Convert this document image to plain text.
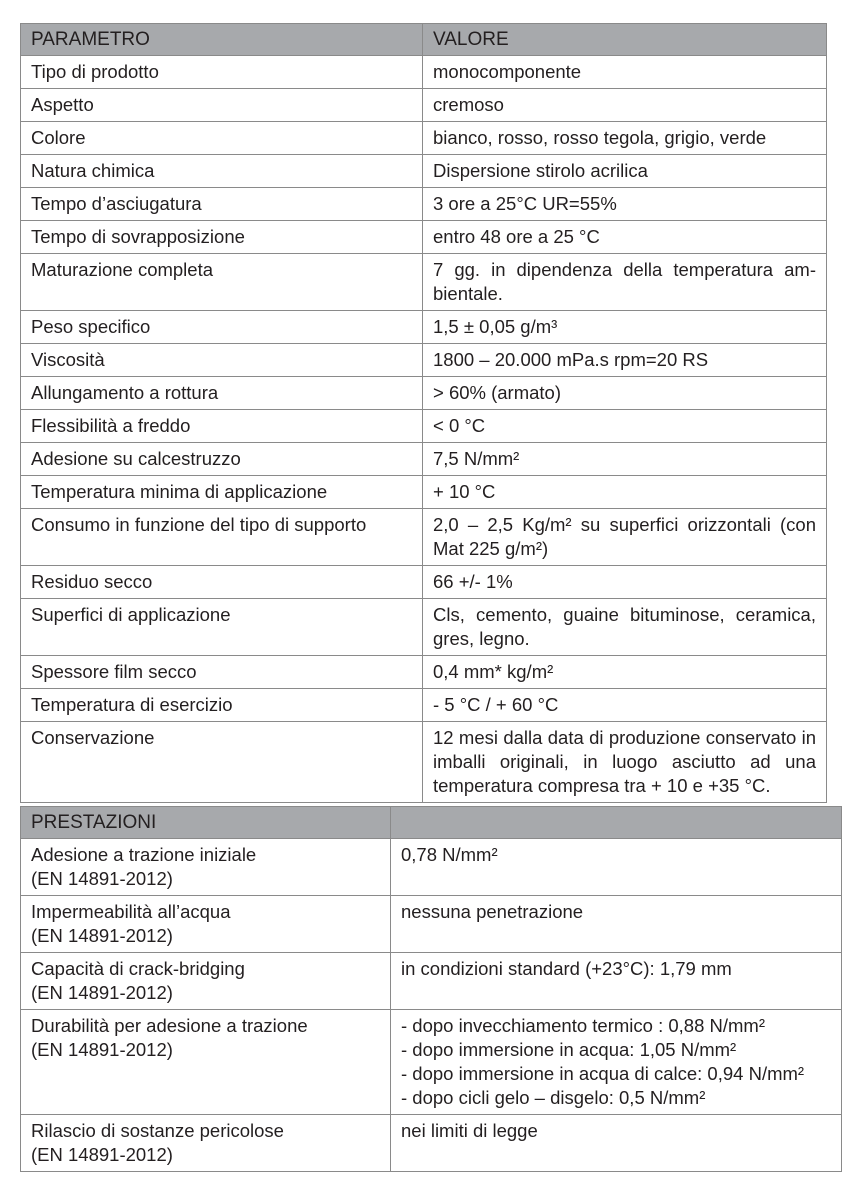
PARAMETRO	VALORE
Tipo di prodotto	monocomponente
Aspetto	cremoso
Colore	bianco, rosso, rosso tegola, grigio, verde
Natura chimica	Dispersione stirolo acrilica
Tempo d’asciugatura	3 ore a 25°C UR=55%
Tempo di sovrapposizione	entro 48 ore a 25 °C
Maturazione completa	7 gg. in dipendenza della temperatura am-bientale.
Peso specifico	1,5 ± 0,05 g/m³
Viscosità	1800 – 20.000 mPa.s rpm=20 RS
Allungamento a rottura	> 60% (armato)
Flessibilità a freddo	< 0 °C
Adesione su calcestruzzo	7,5 N/mm²
Temperatura minima di applicazione	+ 10 °C
Consumo in funzione del tipo di supporto	2,0 – 2,5 Kg/m² su superfici orizzontali (con Mat 225 g/m²)
Residuo secco	66 +/- 1%
Superfici di applicazione	Cls, cemento, guaine bituminose, ceramica, gres, legno.
Spessore film secco	0,4 mm* kg/m²
Temperatura di esercizio	- 5 °C / + 60 °C
Conservazione	12 mesi dalla data di produzione conservato in imballi originali, in luogo asciutto ad una temperatura compresa tra + 10 e +35 °C.
PRESTAZIONI	

Adesione a trazione iniziale
(EN 14891-2012)	0,78 N/mm²

Impermeabilità all’acqua
(EN 14891-2012)	nessuna penetrazione

Capacità di crack-bridging
(EN 14891-2012)	in condizioni standard (+23°C): 1,79 mm

Durabilità per adesione a trazione
(EN 14891-2012)	- dopo invecchiamento termico : 0,88 N/mm²
- dopo immersione in acqua: 1,05 N/mm²
- dopo immersione in acqua di calce: 0,94 N/mm²
- dopo cicli gelo – disgelo: 0,5 N/mm²

Rilascio di sostanze pericolose
(EN 14891-2012)	nei limiti di legge
